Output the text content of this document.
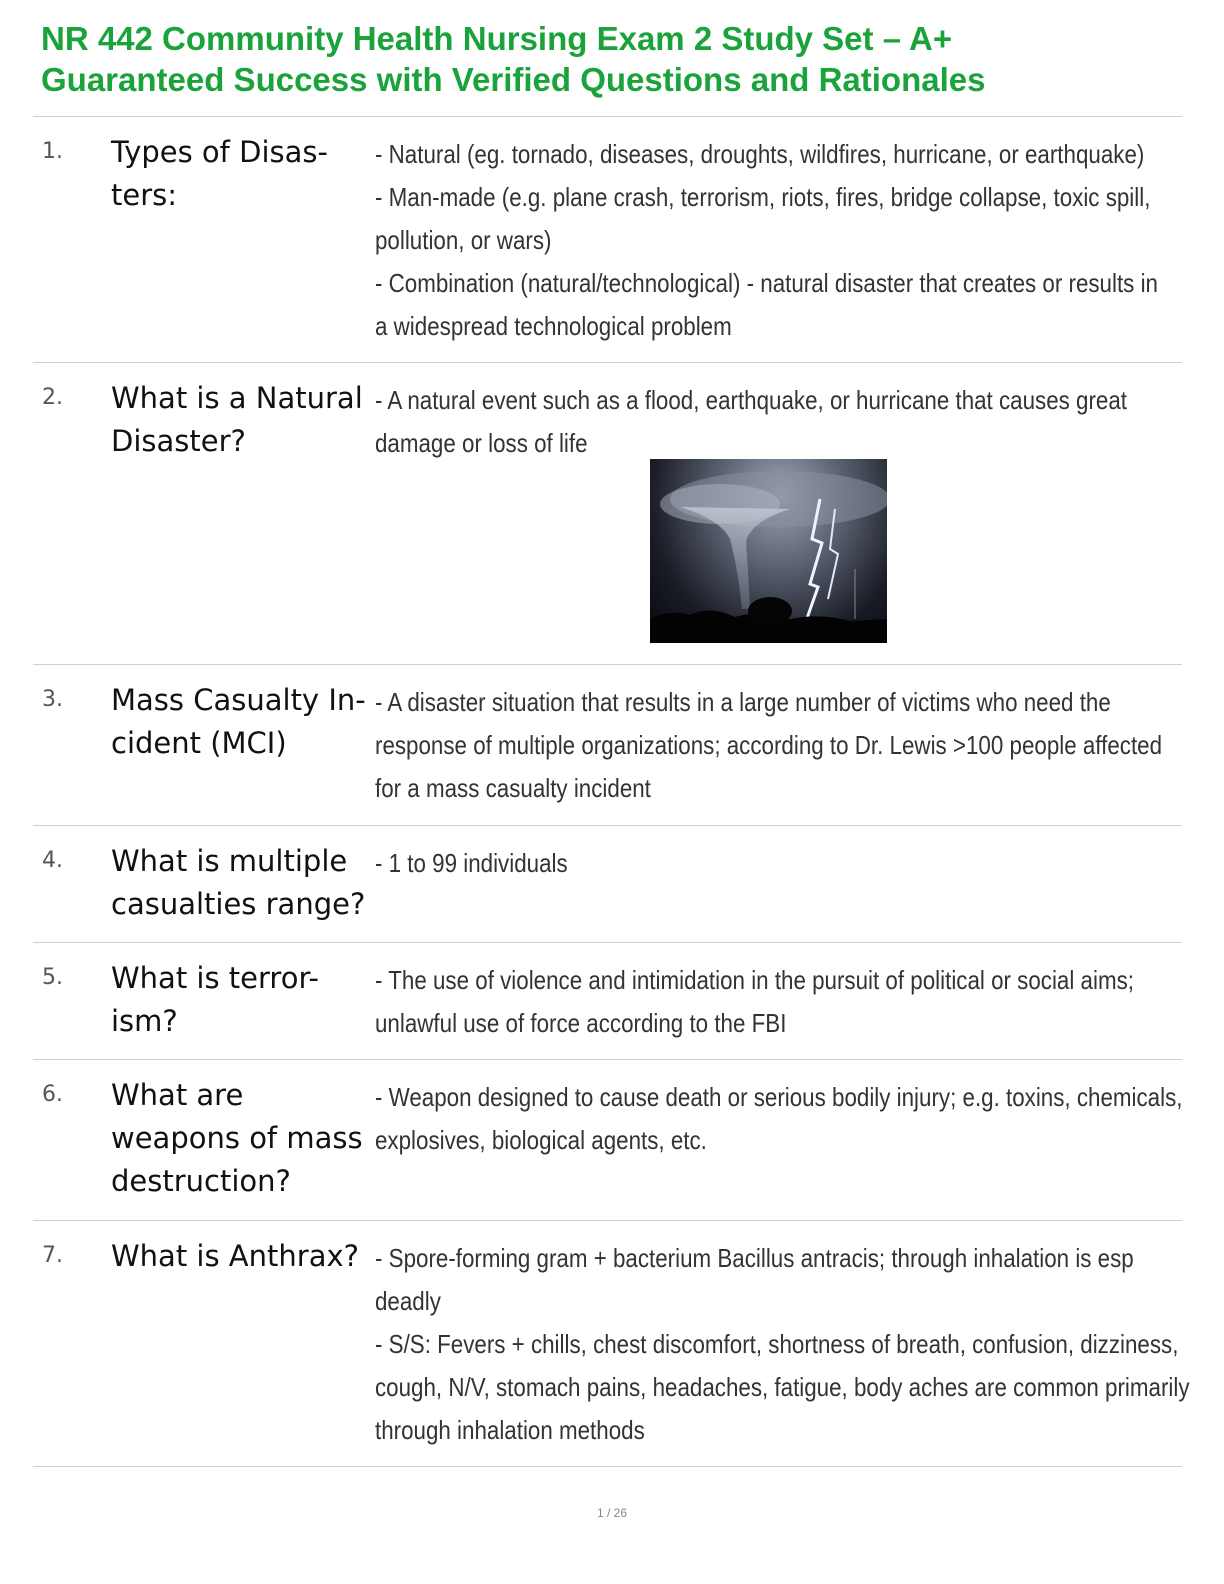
NR 442 Community Health Nursing Exam 2 Study Set – A+
Guaranteed Success with Verified Questions and Rationales
1. Types of Disas-
ters:
- Natural (eg. tornado, diseases, droughts, wildfires, hurricane, or earthquake)
- Man-made (e.g. plane crash, terrorism, riots, fires, bridge collapse, toxic spill,
pollution, or wars)
- Combination (natural/technological) - natural disaster that creates or results in
a widespread technological problem
2. What is a Natural
Disaster?
- A natural event such as a flood, earthquake, or hurricane that causes great
damage or loss of life
3. Mass Casualty In-
cident (MCI)
- A disaster situation that results in a large number of victims who need the
response of multiple organizations; according to Dr. Lewis >100 people affected
for a mass casualty incident
4. What is multiple
casualties range?
- 1 to 99 individuals
5. What is terror-
ism?
- The use of violence and intimidation in the pursuit of political or social aims;
unlawful use of force according to the FBI
6. What are
weapons of mass
destruction?
- Weapon designed to cause death or serious bodily injury; e.g. toxins, chemicals,
explosives, biological agents, etc.
7. What is Anthrax? - Spore-forming gram + bacterium Bacillus antracis; through inhalation is esp
deadly
- S/S: Fevers + chills, chest discomfort, shortness of breath, confusion, dizziness,
cough, N/V, stomach pains, headaches, fatigue, body aches are common primarily
through inhalation methods
1 / 26
